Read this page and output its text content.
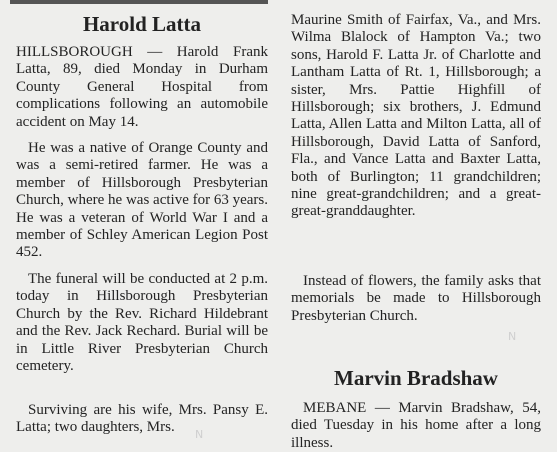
Harold Latta

HILLSBOROUGH — Harold Frank Latta, 89, died Monday in Durham County General Hospital from complications following an automobile accident on May 14.

He was a native of Orange County and was a semi-retired farmer. He was a member of Hillsborough Presbyterian Church, where he was active for 63 years. He was a veteran of World War I and a member of Schley American Legion Post 452.

The funeral will be conducted at 2 p.m. today in Hillsborough Presbyterian Church by the Rev. Richard Hildebrant and the Rev. Jack Rechard. Burial will be in Little River Presbyterian Church cemetery.

Surviving are his wife, Mrs. Pansy E. Latta; two daughters, Mrs.

Maurine Smith of Fairfax, Va., and Mrs. Wilma Blalock of Hampton Va.; two sons, Harold F. Latta Jr. of Charlotte and Lantham Latta of Rt. 1, Hillsborough; a sister, Mrs. Pattie Highfill of Hillsborough; six brothers, J. Edmund Latta, Allen Latta and Milton Latta, all of Hillsborough, David Latta of Sanford, Fla., and Vance Latta and Baxter Latta, both of Burlington; 11 grandchildren; nine great-grandchildren; and a great-great-granddaughter.

Instead of flowers, the family asks that memorials be made to Hillsborough Presbyterian Church.

Marvin Bradshaw

MEBANE — Marvin Bradshaw, 54, died Tuesday in his home after a long illness.

N
N
